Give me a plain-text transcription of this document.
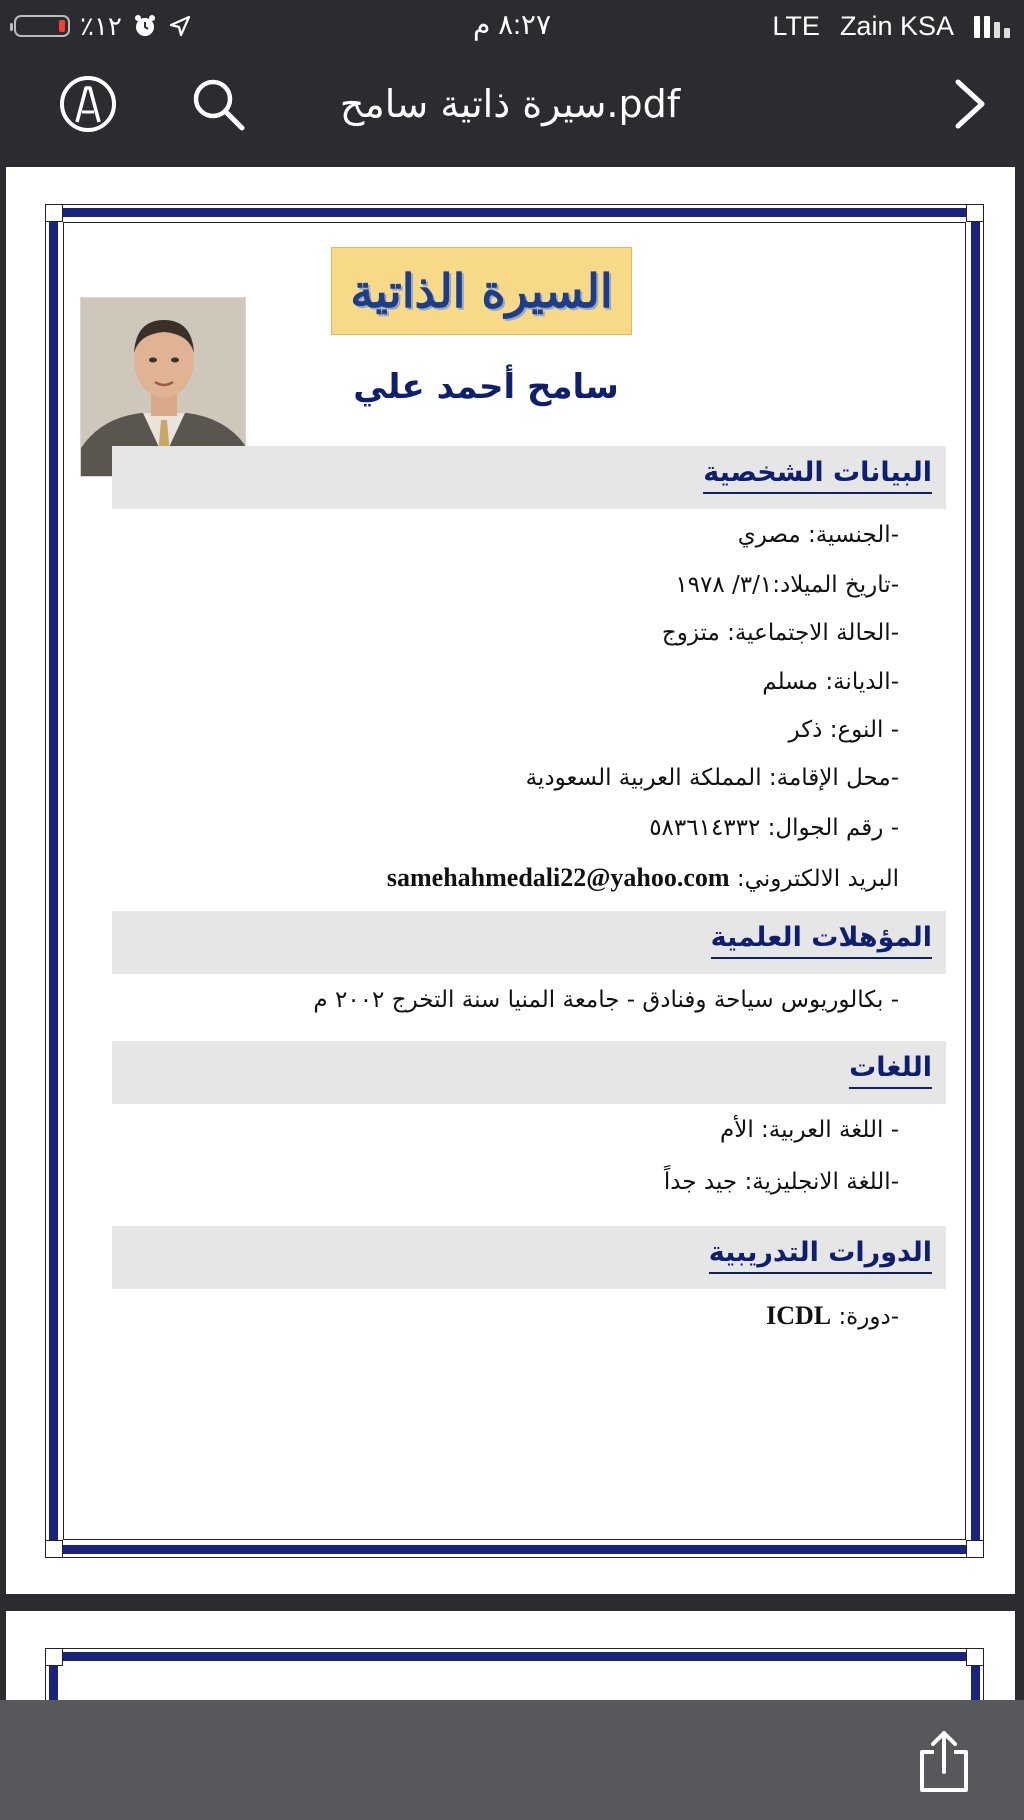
٪١٢	٨:٢٧ م	LTE Zain KSA
سيرة ذاتية سامح.pdf
السيرة الذاتية
سامح أحمد علي
البيانات الشخصية
-الجنسية: مصري
-تاريخ الميلاد:٣/١/ ١٩٧٨
-الحالة الاجتماعية: متزوج
-الديانة: مسلم
- النوع: ذكر
-محل الإقامة: المملكة العربية السعودية
- رقم الجوال: ٥٨٣٦١٤٣٣٢
البريد الالكتروني: samehahmedali22@yahoo.com
المؤهلات العلمية
- بكالوريوس سياحة وفنادق - جامعة المنيا سنة التخرج ٢٠٠٢ م
اللغات
- اللغة العربية: الأم
-اللغة الانجليزية: جيد جداً
الدورات التدريبية
-دورة: ICDL
